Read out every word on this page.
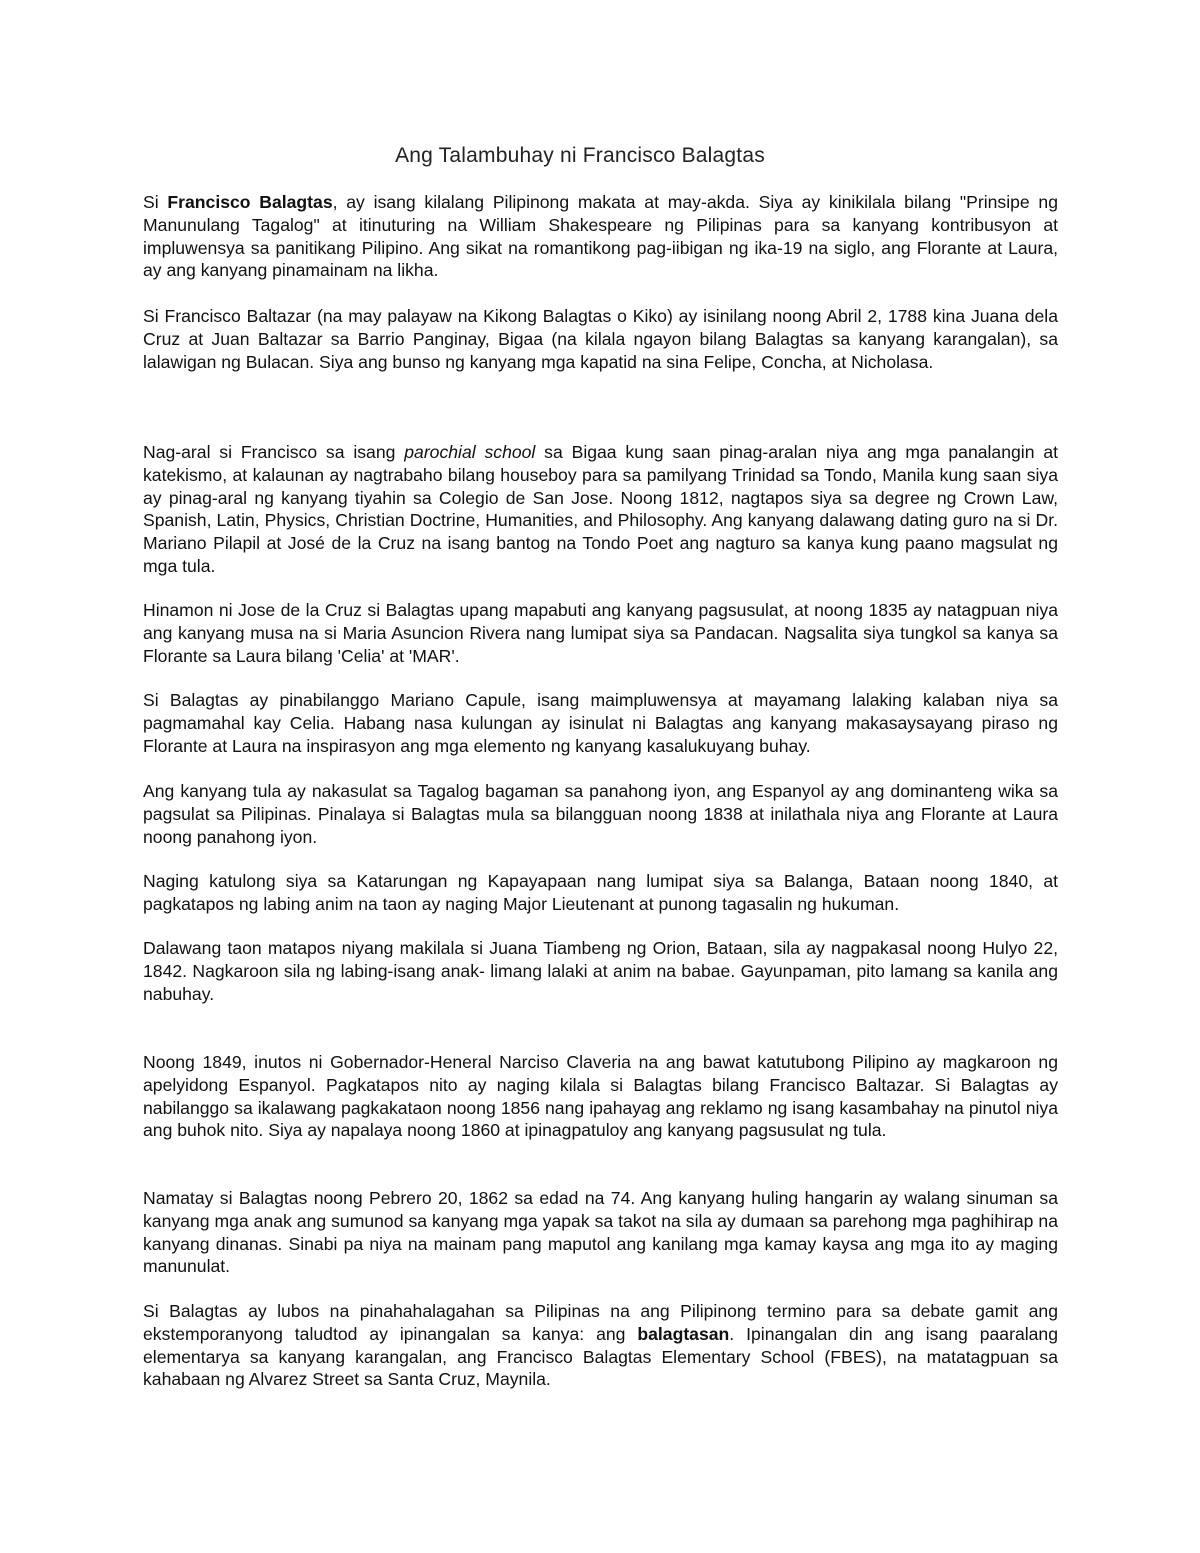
Ang Talambuhay ni Francisco Balagtas

Si Francisco Balagtas, ay isang kilalang Pilipinong makata at may-akda. Siya ay kinikilala bilang "Prinsipe ng Manunulang Tagalog" at itinuturing na William Shakespeare ng Pilipinas para sa kanyang kontribusyon at impluwensya sa panitikang Pilipino. Ang sikat na romantikong pag-iibigan ng ika-19 na siglo, ang Florante at Laura, ay ang kanyang pinamainam na likha.

Si Francisco Baltazar (na may palayaw na Kikong Balagtas o Kiko) ay isinilang noong Abril 2, 1788 kina Juana dela Cruz at Juan Baltazar sa Barrio Panginay, Bigaa (na kilala ngayon bilang Balagtas sa kanyang karangalan), sa lalawigan ng Bulacan. Siya ang bunso ng kanyang mga kapatid na sina Felipe, Concha, at Nicholasa.

Nag-aral si Francisco sa isang parochial school sa Bigaa kung saan pinag-aralan niya ang mga panalangin at katekismo, at kalaunan ay nagtrabaho bilang houseboy para sa pamilyang Trinidad sa Tondo, Manila kung saan siya ay pinag-aral ng kanyang tiyahin sa Colegio de San Jose. Noong 1812, nagtapos siya sa degree ng Crown Law, Spanish, Latin, Physics, Christian Doctrine, Humanities, and Philosophy. Ang kanyang dalawang dating guro na si Dr. Mariano Pilapil at José de la Cruz na isang bantog na Tondo Poet ang nagturo sa kanya kung paano magsulat ng mga tula.

Hinamon ni Jose de la Cruz si Balagtas upang mapabuti ang kanyang pagsusulat, at noong 1835 ay natagpuan niya ang kanyang musa na si Maria Asuncion Rivera nang lumipat siya sa Pandacan. Nagsalita siya tungkol sa kanya sa Florante sa Laura bilang 'Celia' at 'MAR'.

Si Balagtas ay pinabilanggo Mariano Capule, isang maimpluwensya at mayamang lalaking kalaban niya sa pagmamahal kay Celia. Habang nasa kulungan ay isinulat ni Balagtas ang kanyang makasaysayang piraso ng Florante at Laura na inspirasyon ang mga elemento ng kanyang kasalukuyang buhay.

Ang kanyang tula ay nakasulat sa Tagalog bagaman sa panahong iyon, ang Espanyol ay ang dominanteng wika sa pagsulat sa Pilipinas. Pinalaya si Balagtas mula sa bilangguan noong 1838 at inilathala niya ang Florante at Laura noong panahong iyon.

Naging katulong siya sa Katarungan ng Kapayapaan nang lumipat siya sa Balanga, Bataan noong 1840, at pagkatapos ng labing anim na taon ay naging Major Lieutenant at punong tagasalin ng hukuman.

Dalawang taon matapos niyang makilala si Juana Tiambeng ng Orion, Bataan, sila ay nagpakasal noong Hulyo 22, 1842. Nagkaroon sila ng labing-isang anak- limang lalaki at anim na babae. Gayunpaman, pito lamang sa kanila ang nabuhay.

Noong 1849, inutos ni Gobernador-Heneral Narciso Claveria na ang bawat katutubong Pilipino ay magkaroon ng apelyidong Espanyol. Pagkatapos nito ay naging kilala si Balagtas bilang Francisco Baltazar. Si Balagtas ay nabilanggo sa ikalawang pagkakataon noong 1856 nang ipahayag ang reklamo ng isang kasambahay na pinutol niya ang buhok nito. Siya ay napalaya noong 1860 at ipinagpatuloy ang kanyang pagsusulat ng tula.

Namatay si Balagtas noong Pebrero 20, 1862 sa edad na 74. Ang kanyang huling hangarin ay walang sinuman sa kanyang mga anak ang sumunod sa kanyang mga yapak sa takot na sila ay dumaan sa parehong mga paghihirap na kanyang dinanas. Sinabi pa niya na mainam pang maputol ang kanilang mga kamay kaysa ang mga ito ay maging manunulat.

Si Balagtas ay lubos na pinahahalagahan sa Pilipinas na ang Pilipinong termino para sa debate gamit ang ekstemporanyong taludtod ay ipinangalan sa kanya: ang balagtasan. Ipinangalan din ang isang paaralang elementarya sa kanyang karangalan, ang Francisco Balagtas Elementary School (FBES), na matatagpuan sa kahabaan ng Alvarez Street sa Santa Cruz, Maynila.
